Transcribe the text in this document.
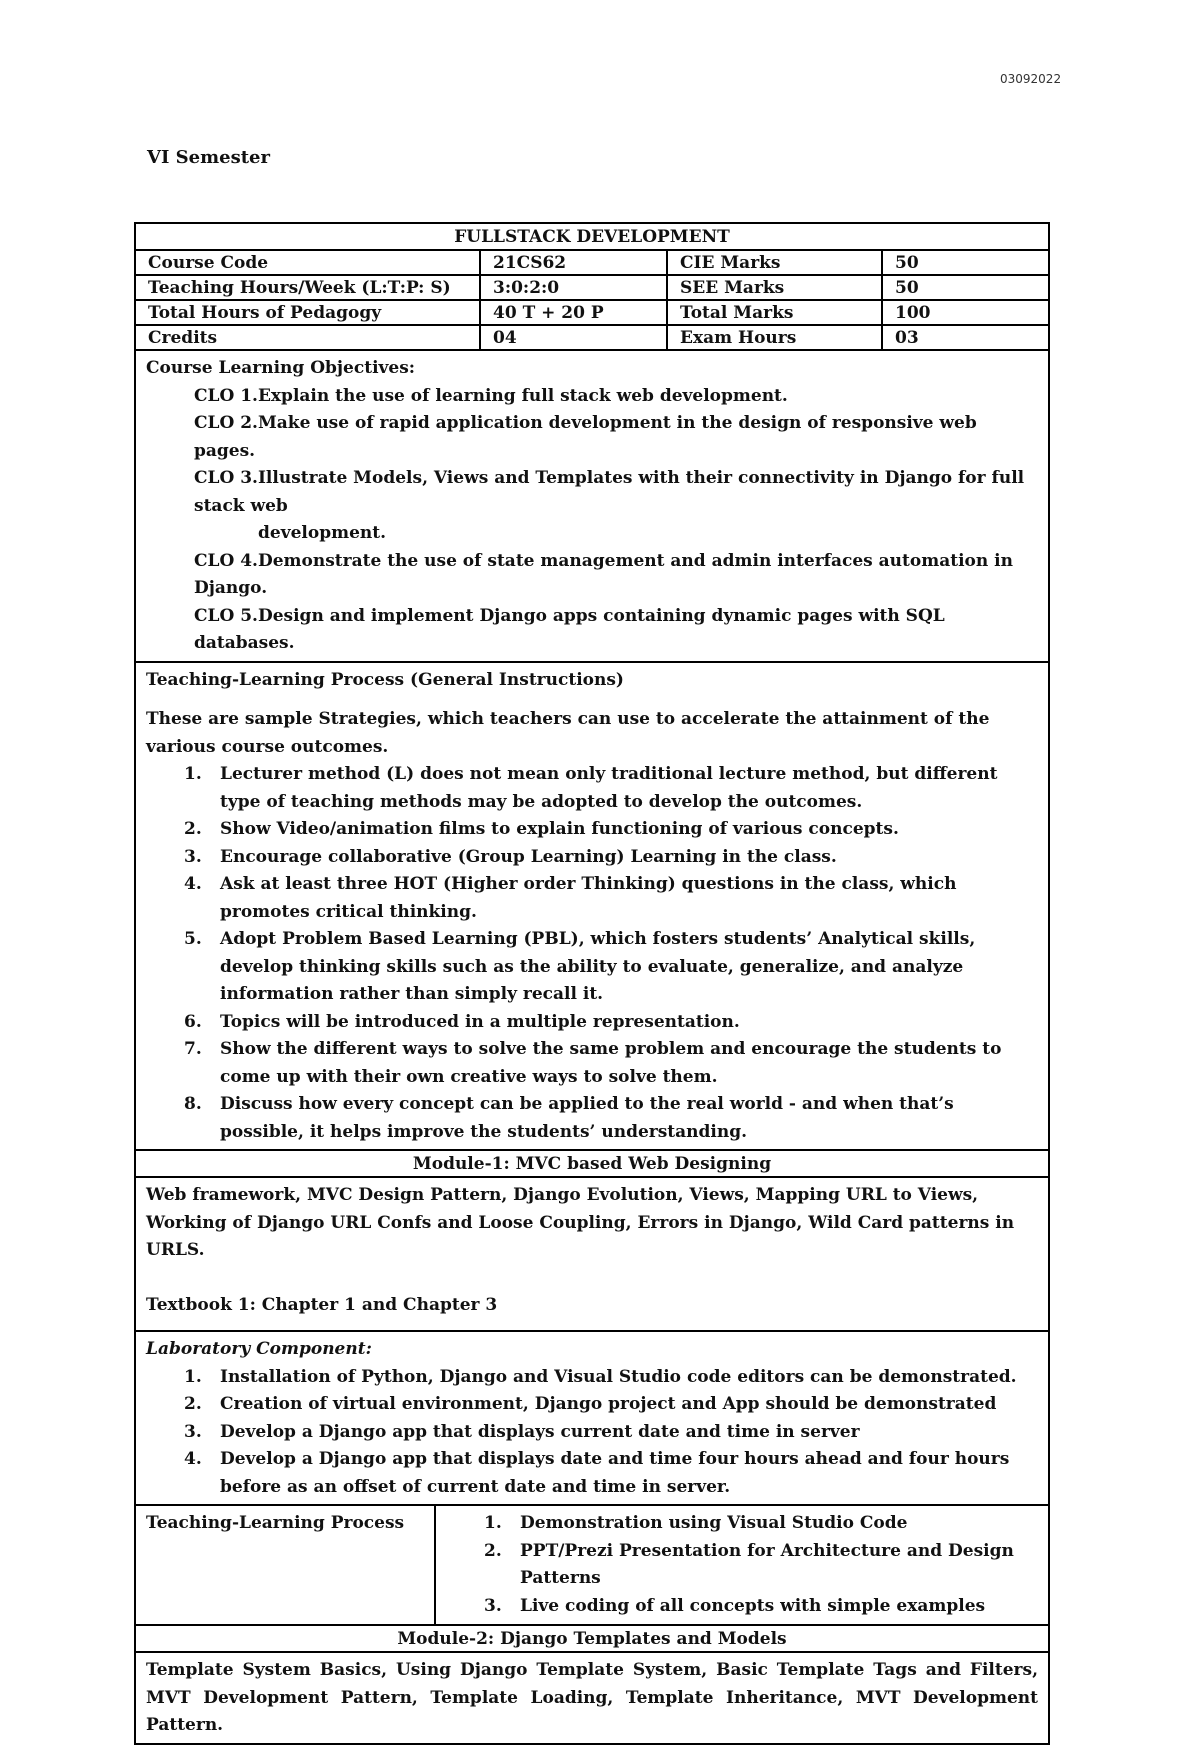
03092022
VI Semester
FULLSTACK DEVELOPMENT
Course Code	21CS62	CIE Marks	50
Teaching Hours/Week (L:T:P: S)	3:0:2:0	SEE Marks	50
Total Hours of Pedagogy	40 T + 20 P	Total Marks	100
Credits	04	Exam Hours	03
Course Learning Objectives:
CLO 1.Explain the use of learning full stack web development.
CLO 2.Make use of rapid application development in the design of responsive web pages.
CLO 3.Illustrate Models, Views and Templates with their connectivity in Django for full stack web
development.
CLO 4.Demonstrate the use of state management and admin interfaces automation in Django.
CLO 5.Design and implement Django apps containing dynamic pages with SQL databases.
Teaching-Learning Process (General Instructions)
These are sample Strategies, which teachers can use to accelerate the attainment of the various course outcomes.
1. Lecturer method (L) does not mean only traditional lecture method, but different type of teaching methods may be adopted to develop the outcomes.
2. Show Video/animation films to explain functioning of various concepts.
3. Encourage collaborative (Group Learning) Learning in the class.
4. Ask at least three HOT (Higher order Thinking) questions in the class, which promotes critical thinking.
5. Adopt Problem Based Learning (PBL), which fosters students’ Analytical skills, develop thinking skills such as the ability to evaluate, generalize, and analyze information rather than simply recall it.
6. Topics will be introduced in a multiple representation.
7. Show the different ways to solve the same problem and encourage the students to come up with their own creative ways to solve them.
8. Discuss how every concept can be applied to the real world - and when that’s possible, it helps improve the students’ understanding.
Module-1: MVC based Web Designing
Web framework, MVC Design Pattern, Django Evolution, Views, Mapping URL to Views, Working of Django URL Confs and Loose Coupling, Errors in Django, Wild Card patterns in URLS.
Textbook 1: Chapter 1 and Chapter 3
Laboratory Component:
1. Installation of Python, Django and Visual Studio code editors can be demonstrated.
2. Creation of virtual environment, Django project and App should be demonstrated
3. Develop a Django app that displays current date and time in server
4. Develop a Django app that displays date and time four hours ahead and four hours before as an offset of current date and time in server.
Teaching-Learning Process	1. Demonstration using Visual Studio Code
2. PPT/Prezi Presentation for Architecture and Design Patterns
3. Live coding of all concepts with simple examples
Module-2: Django Templates and Models
Template System Basics, Using Django Template System, Basic Template Tags and Filters, MVT Development Pattern, Template Loading, Template Inheritance, MVT Development Pattern.
